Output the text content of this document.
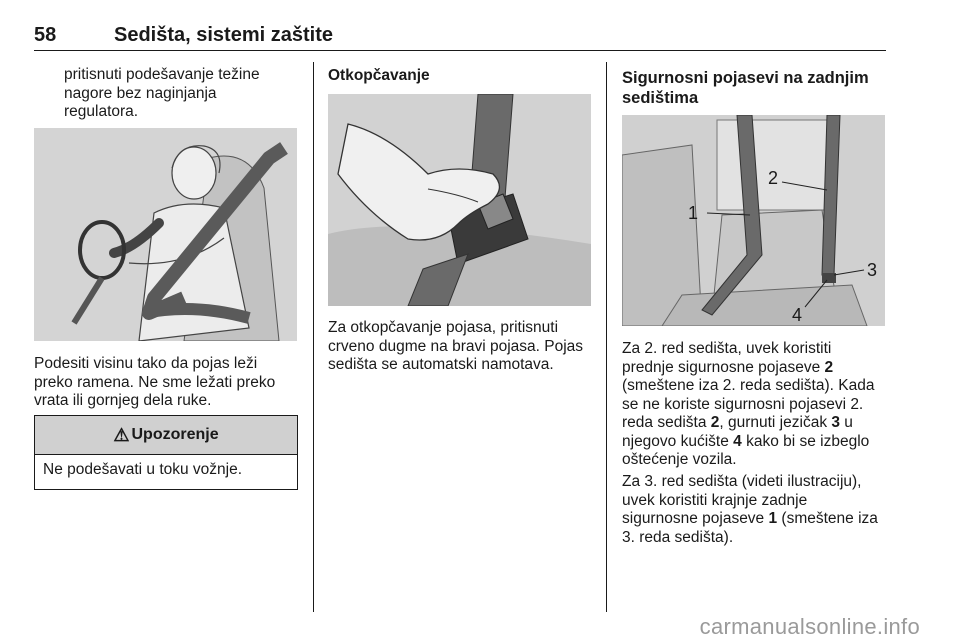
58	Sedišta, sistemi zaštite
pritisnuti podešavanje težine
nagore bez naginjanja
regulatora.
Podesiti visinu tako da pojas leži
preko ramena. Ne sme ležati preko
vrata ili gornjeg dela ruke.
⚠ Upozorenje
Ne podešavati u toku vožnje.
Otkopčavanje
Za otkopčavanje pojasa, pritisnuti
crveno dugme na bravi pojasa. Pojas
sedišta se automatski namotava.
Sigurnosni pojasevi na zadnjim
sedištima
1
2
3
4
Za 2. red sedišta, uvek koristiti
prednje sigurnosne pojaseve 2
(smeštene iza 2. reda sedišta). Kada
se ne koriste sigurnosni pojasevi 2.
reda sedišta 2, gurnuti jezičak 3 u
njegovo kućište 4 kako bi se izbeglo
oštećenje vozila.
Za 3. red sedišta (videti ilustraciju),
uvek koristiti krajnje zadnje
sigurnosne pojaseve 1 (smeštene iza
3. reda sedišta).
carmanualsonline.info
